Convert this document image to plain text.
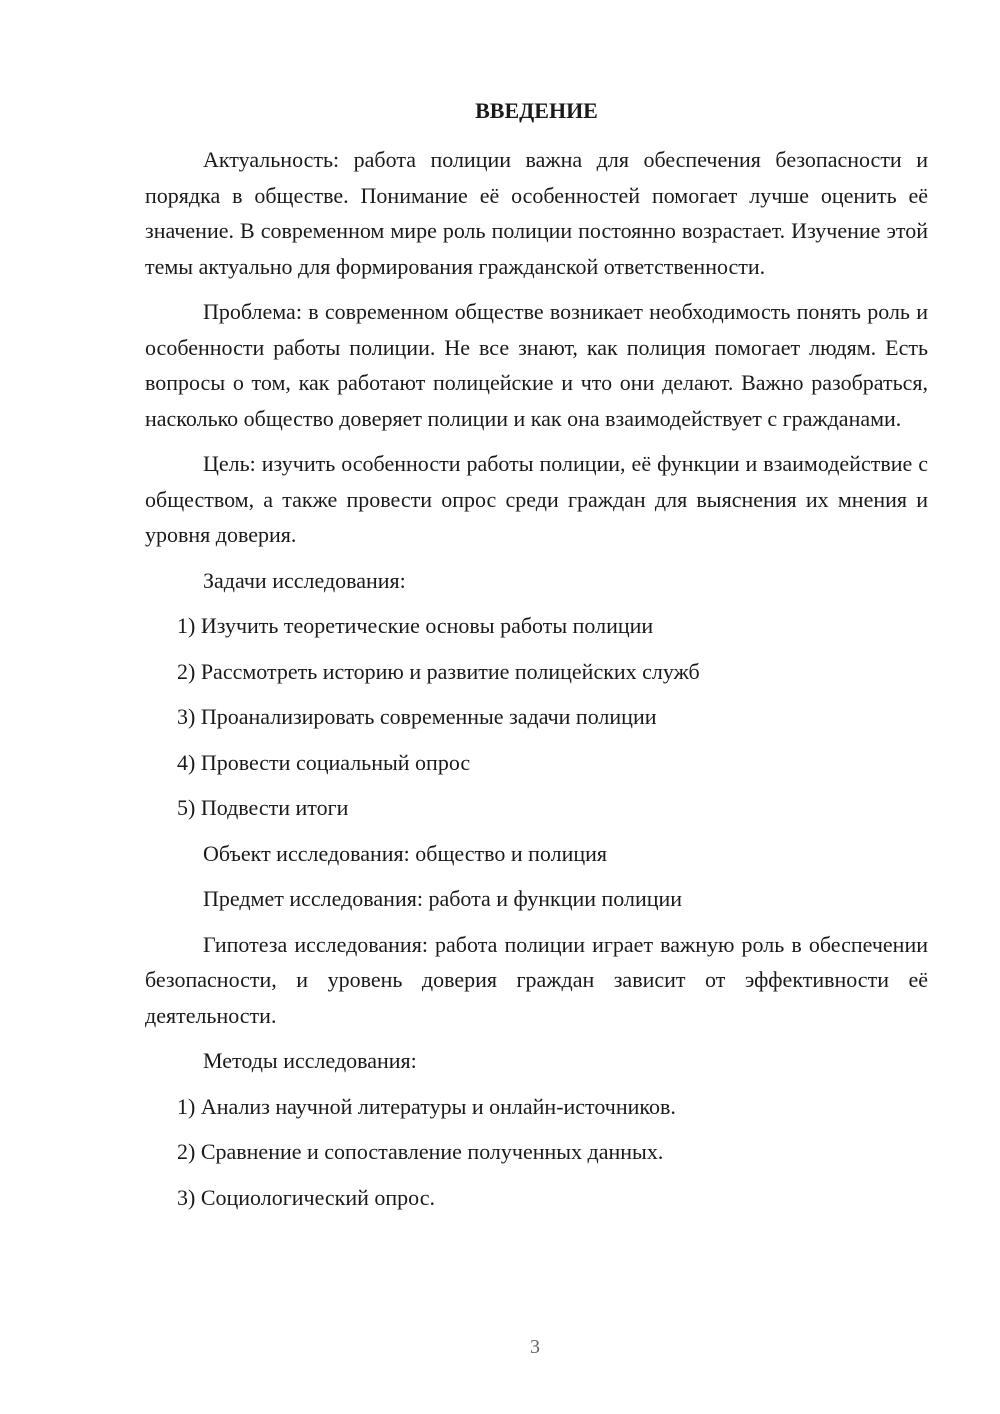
ВВЕДЕНИЕ

Актуальность: работа полиции важна для обеспечения безопасности и порядка в обществе. Понимание её особенностей помогает лучше оценить её значение. В современном мире роль полиции постоянно возрастает. Изучение этой темы актуально для формирования гражданской ответственности.

Проблема: в современном обществе возникает необходимость понять роль и особенности работы полиции. Не все знают, как полиция помогает людям. Есть вопросы о том, как работают полицейские и что они делают. Важно разобраться, насколько общество доверяет полиции и как она взаимодействует с гражданами.

Цель: изучить особенности работы полиции, её функции и взаимодействие с обществом, а также провести опрос среди граждан для выяснения их мнения и уровня доверия.

Задачи исследования:

1) Изучить теоретические основы работы полиции

2) Рассмотреть историю и развитие полицейских служб

3) Проанализировать современные задачи полиции

4) Провести социальный опрос

5) Подвести итоги

Объект исследования: общество и полиция

Предмет исследования: работа и функции полиции

Гипотеза исследования: работа полиции играет важную роль в обеспечении безопасности, и уровень доверия граждан зависит от эффективности её деятельности.

Методы исследования:

1) Анализ научной литературы и онлайн-источников.

2) Сравнение и сопоставление полученных данных.

3) Социологический опрос.

3
